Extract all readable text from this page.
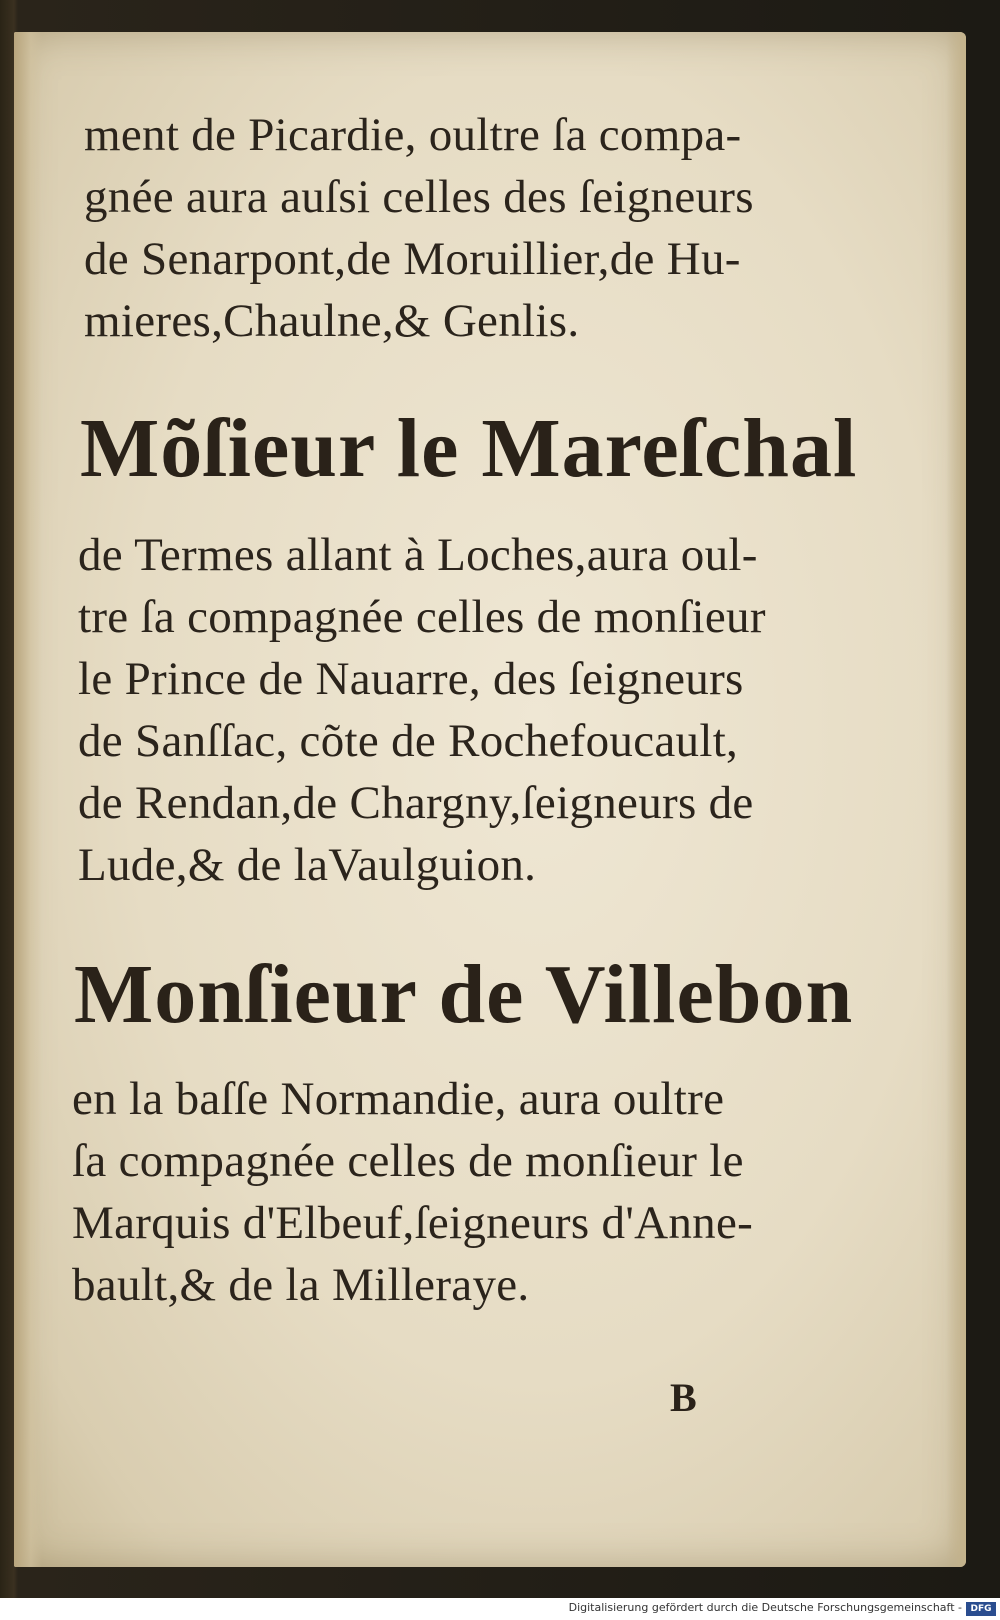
ment de Picardie, oultre ſa compa-

gnée aura auſsi celles des ſeigneurs

de Senarpont,de Moruillier,de Hu-

mieres,Chaulne,& Genlis.

Mõſieur le Mareſchal

de Termes allant à Loches,aura oul-

tre ſa compagnée celles de monſieur

le Prince de Nauarre, des ſeigneurs

de Sanſſac, cõte de Rochefoucault,

de Rendan,de Chargny,ſeigneurs de

Lude,& de laVaulguion.

Monſieur de Villebon

en la baſſe Normandie, aura oultre

ſa compagnée celles de monſieur le

Marquis d'Elbeuf,ſeigneurs d'Anne-

bault,& de la Milleraye.

B
Digitalisierung gefördert durch die Deutsche Forschungsgemeinschaft - DFG
